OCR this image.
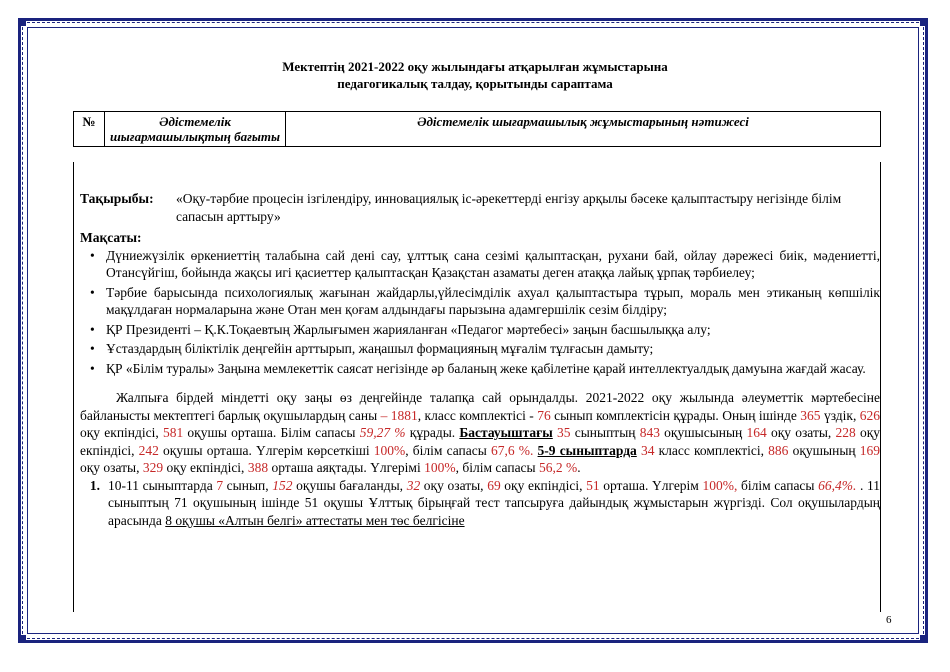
Мектептің 2021-2022 оқу жылындағы атқарылған жұмыстарына
педагогикалық талдау, қорытынды сараптама
№	Әдістемелік шығармашылықтың бағыты	Әдістемелік шығармашылық жұмыстарының нәтижесі
Тақырыбы:	«Оқу-тәрбие процесін ізгілендіру, инновациялық іс-әрекеттерді енгізу арқылы бәсеке қалыптастыру негізінде білім сапасын арттыру»
Мақсаты:
• Дүниежүзілік өркениеттің талабына сай дені сау, ұлттық сана сезімі қалыптасқан, рухани бай, ойлау дәрежесі биік, мәдениетті, Отансүйгіш, бойында жақсы игі қасиеттер қалыптасқан Қазақстан азаматы деген атаққа лайық ұрпақ тәрбиелеу;
• Тәрбие барысында психологиялық жағынан жайдарлы,үйлесімділік ахуал қалыптастыра тұрып, мораль мен этиканың көпшілік мақұлдаған нормаларына және Отан мен қоғам алдындағы парызына адамгершілік сезім білдіру;
• ҚР Президенті – Қ.К.Тоқаевтың Жарлығымен жарияланған «Педагог мәртебесі» заңын басшылыққа алу;
• Ұстаздардың біліктілік деңгейін арттырып, жаңашыл формацияның мұғалім тұлғасын дамыту;
• ҚР «Білім туралы» Заңына мемлекеттік саясат негізінде әр баланың жеке қабілетіне қарай интеллектуалдық дамуына жағдай жасау.
Жалпыға бірдей міндетті оқу заңы өз деңгейінде талапқа сай орындалды. 2021-2022 оқу жылында әлеуметтік мәртебесіне байланысты мектептегі барлық оқушылардың саны – 1881, класс комплектісі - 76 сынып комплектісін құрады. Оның ішінде 365 үздік, 626 оқу екпіндісі, 581 оқушы орташа. Білім сапасы 59,27 % құрады. Бастауыштағы 35 сыныптың 843 оқушысының 164 оқу озаты, 228 оқу екпіндісі, 242 оқушы орташа. Үлгерім көрсеткіші 100%, білім сапасы 67,6 %. 5-9 сыныптарда 34 класс комплектісі, 886 оқушының 169 оқу озаты, 329 оқу екпіндісі, 388 орташа аяқтады. Үлгерімі 100%, білім сапасы 56,2 %.
1. 10-11 сыныптарда 7 сынып, 152 оқушы бағаланды, 32 оқу озаты, 69 оқу екпіндісі, 51 орташа. Үлгерім 100%, білім сапасы 66,4%. . 11 сыныптың 71 оқушының ішінде 51 оқушы Ұлттық бірыңғай тест тапсыруға дайындық жұмыстарын жүргізді. Сол оқушылардың арасында 8 оқушы «Алтын белгі» аттестаты мен төс белгісіне
6
